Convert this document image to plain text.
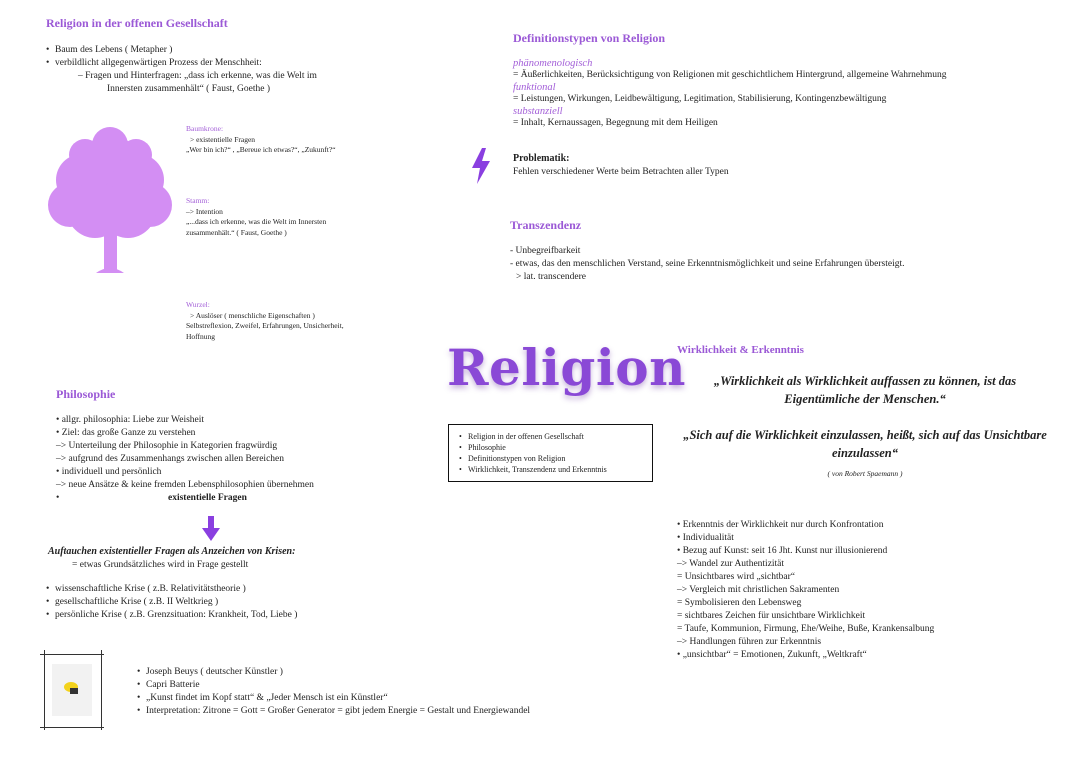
Religion in der offenen Gesellschaft
• Baum des Lebens ( Metapher )
• verbildlicht allgegenwärtigen Prozess der Menschheit:
– Fragen und Hinterfragen: „dass ich erkenne, was die Welt im
Innersten zusammenhält“ ( Faust, Goethe )
Baumkrone:
> existentielle Fragen
„Wer bin ich?“ , „Bereue ich etwas?“, „Zukunft?“
Stamm:
–> Intention
„...dass ich erkenne, was die Welt im Innersten
zusammenhält.“ ( Faust, Goethe )
Wurzel:
> Auslöser ( menschliche Eigenschaften )
Selbstreflexion, Zweifel, Erfahrungen, Unsicherheit,
Hoffnung
Philosophie
• allgr. philosophia: Liebe zur Weisheit
• Ziel: das große Ganze zu verstehen
–> Unterteilung der Philosophie in Kategorien fragwürdig
–> aufgrund des Zusammenhangs zwischen allen Bereichen
• individuell und persönlich
–> neue Ansätze & keine fremden Lebensphilosophien übernehmen
•	existentielle Fragen
Auftauchen existentieller Fragen als Anzeichen von Krisen:
= etwas Grundsätzliches wird in Frage gestellt
• wissenschaftliche Krise ( z.B. Relativitätstheorie )
• gesellschaftliche Krise ( z.B. II Weltkrieg )
• persönliche Krise ( z.B. Grenzsituation: Krankheit, Tod, Liebe )
• Joseph Beuys ( deutscher Künstler )
• Capri Batterie
• „Kunst findet im Kopf statt“ & „Jeder Mensch ist ein Künstler“
• Interpretation: Zitrone = Gott = Großer Generator = gibt jedem Energie = Gestalt und Energiewandel
Religion
• Religion in der offenen Gesellschaft
• Philosophie
• Definitionstypen von Religion
• Wirklichkeit, Transzendenz und Erkenntnis
Definitionstypen von Religion
phänomenologisch
= Äußerlichkeiten, Berücksichtigung von Religionen mit geschichtlichem Hintergrund, allgemeine Wahrnehmung
funktional
= Leistungen, Wirkungen, Leidbewältigung, Legitimation, Stabilisierung, Kontingenzbewältigung
substanziell
= Inhalt, Kernaussagen, Begegnung mit dem Heiligen
Problematik:
Fehlen verschiedener Werte beim Betrachten aller Typen
Transzendenz
- Unbegreifbarkeit
- etwas, das den menschlichen Verstand, seine Erkenntnismöglichkeit und seine Erfahrungen übersteigt.
> lat. transcendere
Wirklichkeit & Erkenntnis
„Wirklichkeit als Wirklichkeit auffassen zu können, ist das Eigentümliche der Menschen.“
„Sich auf die Wirklichkeit einzulassen, heißt, sich auf das Unsichtbare einzulassen“
( von Robert Spaemann )
• Erkenntnis der Wirklichkeit nur durch Konfrontation
• Individualität
• Bezug auf Kunst: seit 16 Jht. Kunst nur illusionierend
–> Wandel zur Authentizität
= Unsichtbares wird „sichtbar“
–> Vergleich mit christlichen Sakramenten
= Symbolisieren den Lebensweg
= sichtbares Zeichen für unsichtbare Wirklichkeit
= Taufe, Kommunion, Firmung, Ehe/Weihe, Buße, Krankensalbung
–> Handlungen führen zur Erkenntnis
• „unsichtbar“ = Emotionen, Zukunft, „Weltkraft“
